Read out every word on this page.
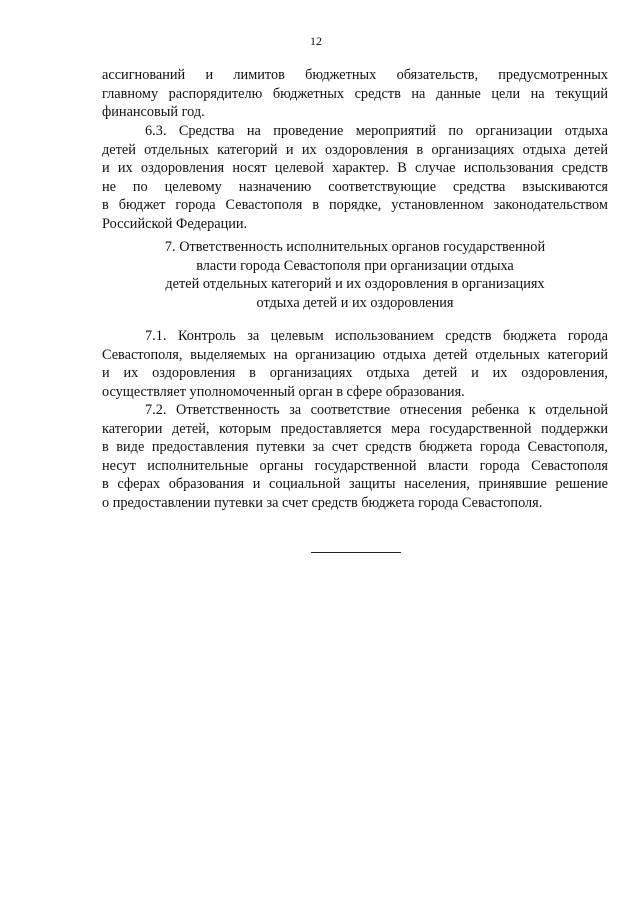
12
ассигнований и лимитов бюджетных обязательств, предусмотренных
главному распорядителю бюджетных средств на данные цели на текущий
финансовый год.
6.3. Средства на проведение мероприятий по организации отдыха
детей отдельных категорий и их оздоровления в организациях отдыха детей
и их оздоровления носят целевой характер. В случае использования средств
не по целевому назначению соответствующие средства взыскиваются
в бюджет города Севастополя в порядке, установленном законодательством
Российской Федерации.
7. Ответственность исполнительных органов государственной
власти города Севастополя при организации отдыха
детей отдельных категорий и их оздоровления в организациях
отдыха детей и их оздоровления
7.1. Контроль за целевым использованием средств бюджета города
Севастополя, выделяемых на организацию отдыха детей отдельных категорий
и их оздоровления в организациях отдыха детей и их оздоровления,
осуществляет уполномоченный орган в сфере образования.
7.2. Ответственность за соответствие отнесения ребенка к отдельной
категории детей, которым предоставляется мера государственной поддержки
в виде предоставления путевки за счет средств бюджета города Севастополя,
несут исполнительные органы государственной власти города Севастополя
в сферах образования и социальной защиты населения, принявшие решение
о предоставлении путевки за счет средств бюджета города Севастополя.
